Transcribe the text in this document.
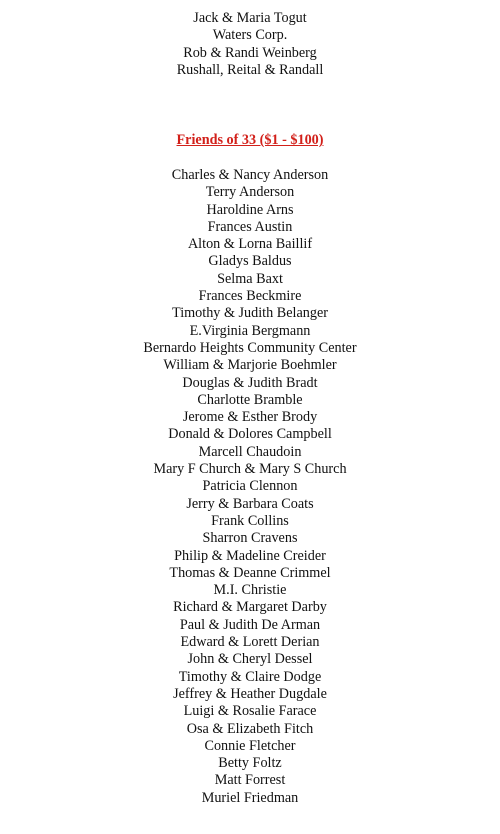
Jack & Maria Togut
Waters Corp.
Rob & Randi Weinberg
Rushall, Reital & Randall
Friends of 33 ($1 - $100)
Charles & Nancy Anderson
Terry Anderson
Haroldine Arns
Frances Austin
Alton & Lorna Baillif
Gladys Baldus
Selma Baxt
Frances Beckmire
Timothy & Judith Belanger
E.Virginia Bergmann
Bernardo Heights Community Center
William & Marjorie Boehmler
Douglas & Judith Bradt
Charlotte Bramble
Jerome & Esther Brody
Donald & Dolores Campbell
Marcell Chaudoin
Mary F Church & Mary S Church
Patricia Clennon
Jerry & Barbara Coats
Frank Collins
Sharron Cravens
Philip & Madeline Creider
Thomas & Deanne Crimmel
M.I. Christie
Richard & Margaret Darby
Paul & Judith De Arman
Edward & Lorett Derian
John & Cheryl Dessel
Timothy & Claire Dodge
Jeffrey & Heather Dugdale
Luigi & Rosalie Farace
Osa & Elizabeth Fitch
Connie Fletcher
Betty Foltz
Matt Forrest
Muriel Friedman
